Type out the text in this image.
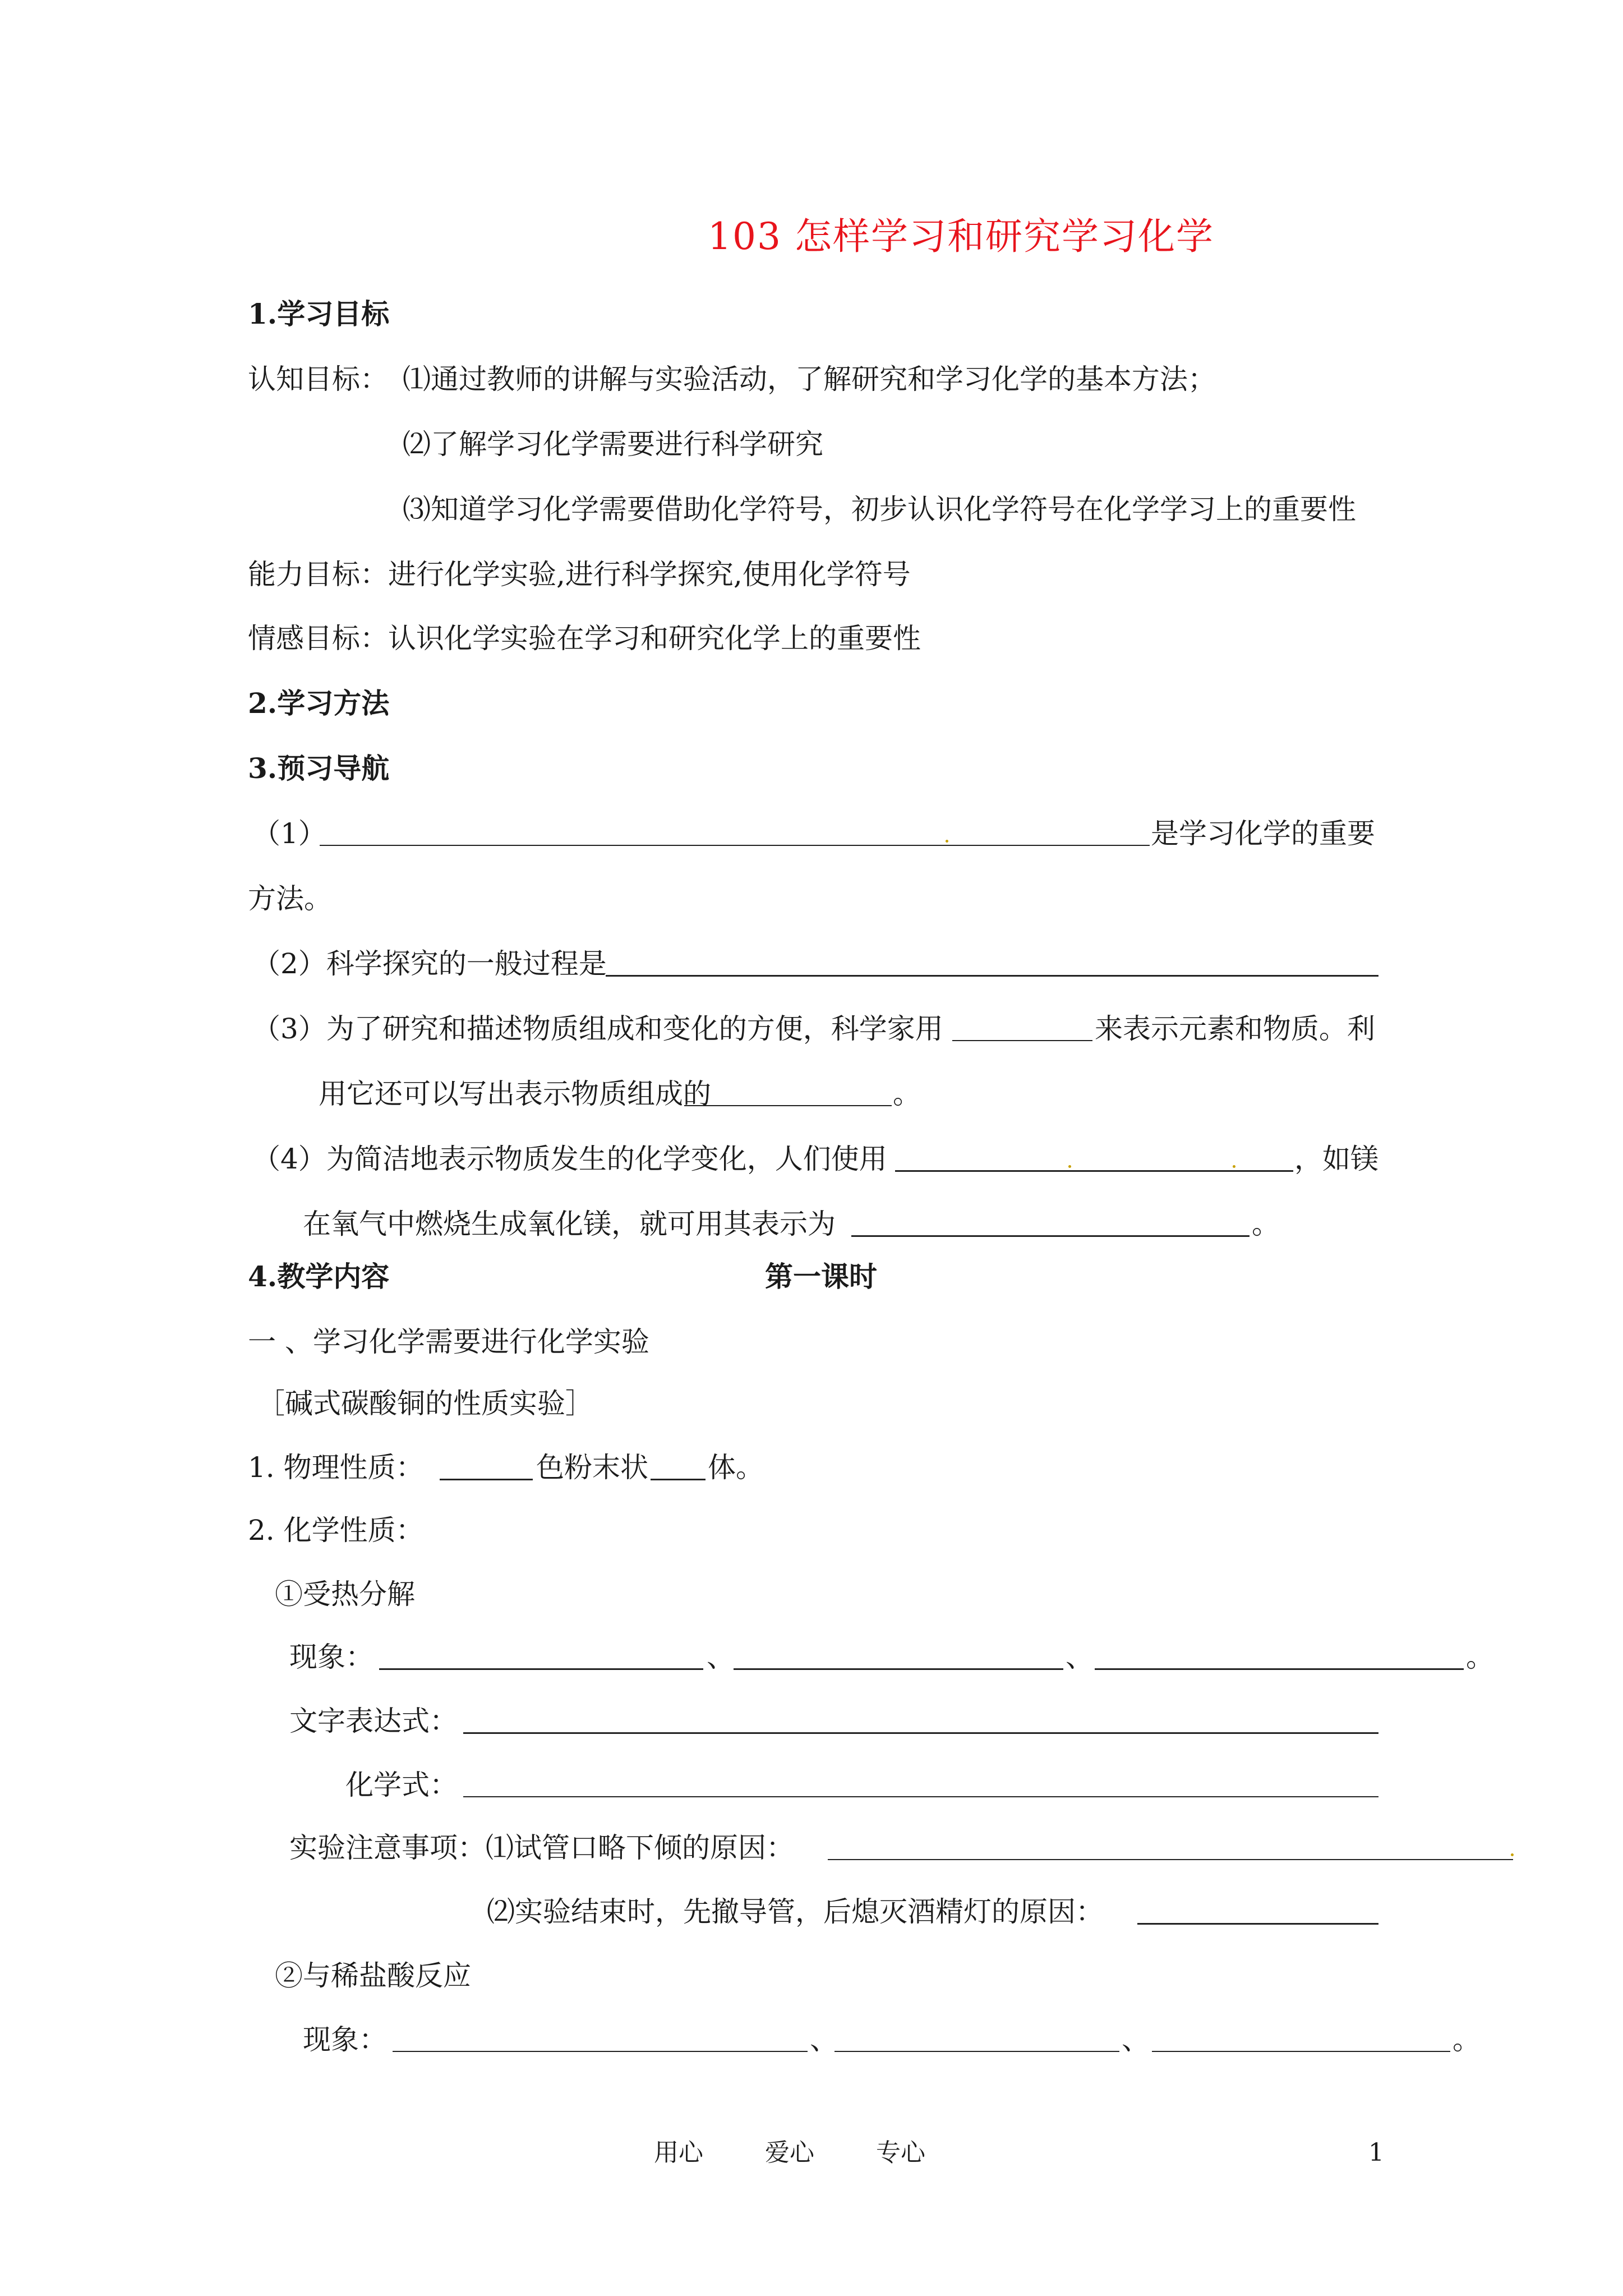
103 怎样学习和研究学习化学
1.学习目标
认知目标： ⑴通过教师的讲解与实验活动，了解研究和学习化学的基本方法；
⑵了解学习化学需要进行科学研究
⑶知道学习化学需要借助化学符号，初步认识化学符号在化学学习上的重要性
能力目标：进行化学实验,进行科学探究,使用化学符号
情感目标：认识化学实验在学习和研究化学上的重要性
2.学习方法
3.预习导航
（1）	是学习化学的重要
方法。
（2）科学探究的一般过程是
（3）为了研究和描述物质组成和变化的方便，科学家用	来表示元素和物质。利
用它还可以写出表示物质组成的	。
（4）为简洁地表示物质发生的化学变化，人们使用	，如镁
在氧气中燃烧生成氧化镁，就可用其表示为	。
4.教学内容	第一课时
一 、学习化学需要进行化学实验
［碱式碳酸铜的性质实验］
1. 物理性质：	色粉末状 体。
2. 化学性质：
①受热分解
现象：	、	、	。
文字表达式：
化学式：
实验注意事项：⑴试管口略下倾的原因：
⑵实验结束时，先撤导管，后熄灭酒精灯的原因：
②与稀盐酸反应
现象：	、	、	。
用心	爱心	专心	1
